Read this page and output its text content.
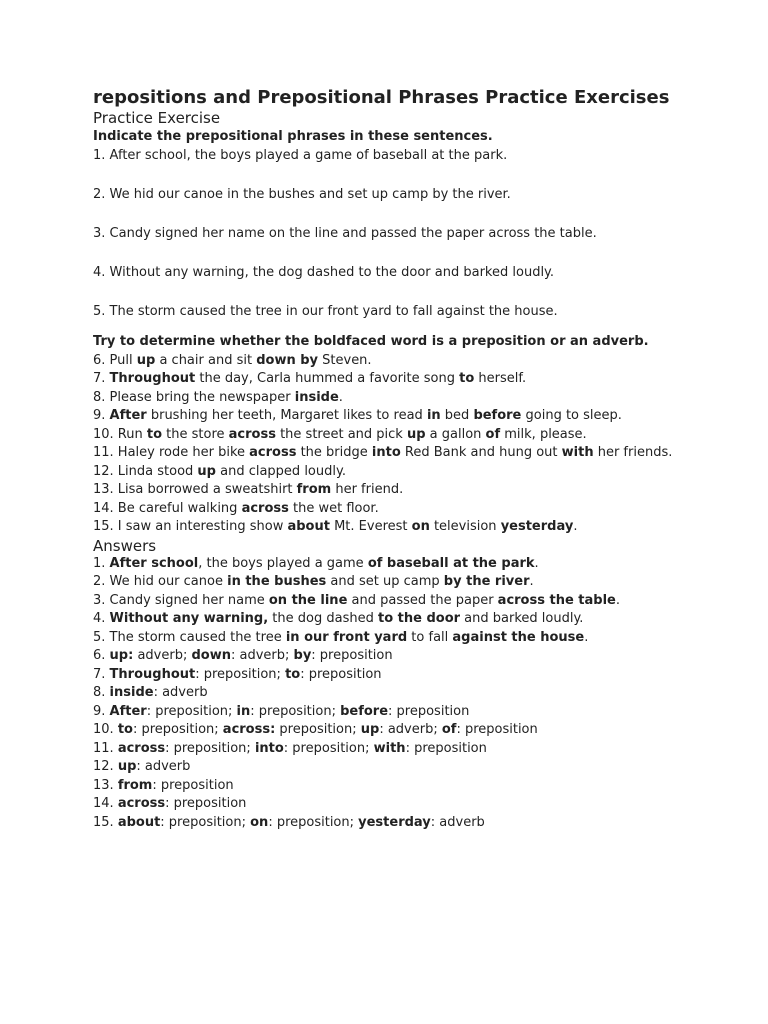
repositions and Prepositional Phrases Practice Exercises
Practice Exercise
Indicate the prepositional phrases in these sentences.
1. After school, the boys played a game of baseball at the park.
2. We hid our canoe in the bushes and set up camp by the river.
3. Candy signed her name on the line and passed the paper across the table.
4. Without any warning, the dog dashed to the door and barked loudly.
5. The storm caused the tree in our front yard to fall against the house.
Try to determine whether the boldfaced word is a preposition or an adverb.
6. Pull up a chair and sit down by Steven.
7. Throughout the day, Carla hummed a favorite song to herself.
8. Please bring the newspaper inside.
9. After brushing her teeth, Margaret likes to read in bed before going to sleep.
10. Run to the store across the street and pick up a gallon of milk, please.
11. Haley rode her bike across the bridge into Red Bank and hung out with her friends.
12. Linda stood up and clapped loudly.
13. Lisa borrowed a sweatshirt from her friend.
14. Be careful walking across the wet floor.
15. I saw an interesting show about Mt. Everest on television yesterday.
Answers
1. After school, the boys played a game of baseball at the park.
2. We hid our canoe in the bushes and set up camp by the river.
3. Candy signed her name on the line and passed the paper across the table.
4. Without any warning, the dog dashed to the door and barked loudly.
5. The storm caused the tree in our front yard to fall against the house.
6. up: adverb; down: adverb; by: preposition
7. Throughout: preposition; to: preposition
8. inside: adverb
9. After: preposition; in: preposition; before: preposition
10. to: preposition; across: preposition; up: adverb; of: preposition
11. across: preposition; into: preposition; with: preposition
12. up: adverb
13. from: preposition
14. across: preposition
15. about: preposition; on: preposition; yesterday: adverb
